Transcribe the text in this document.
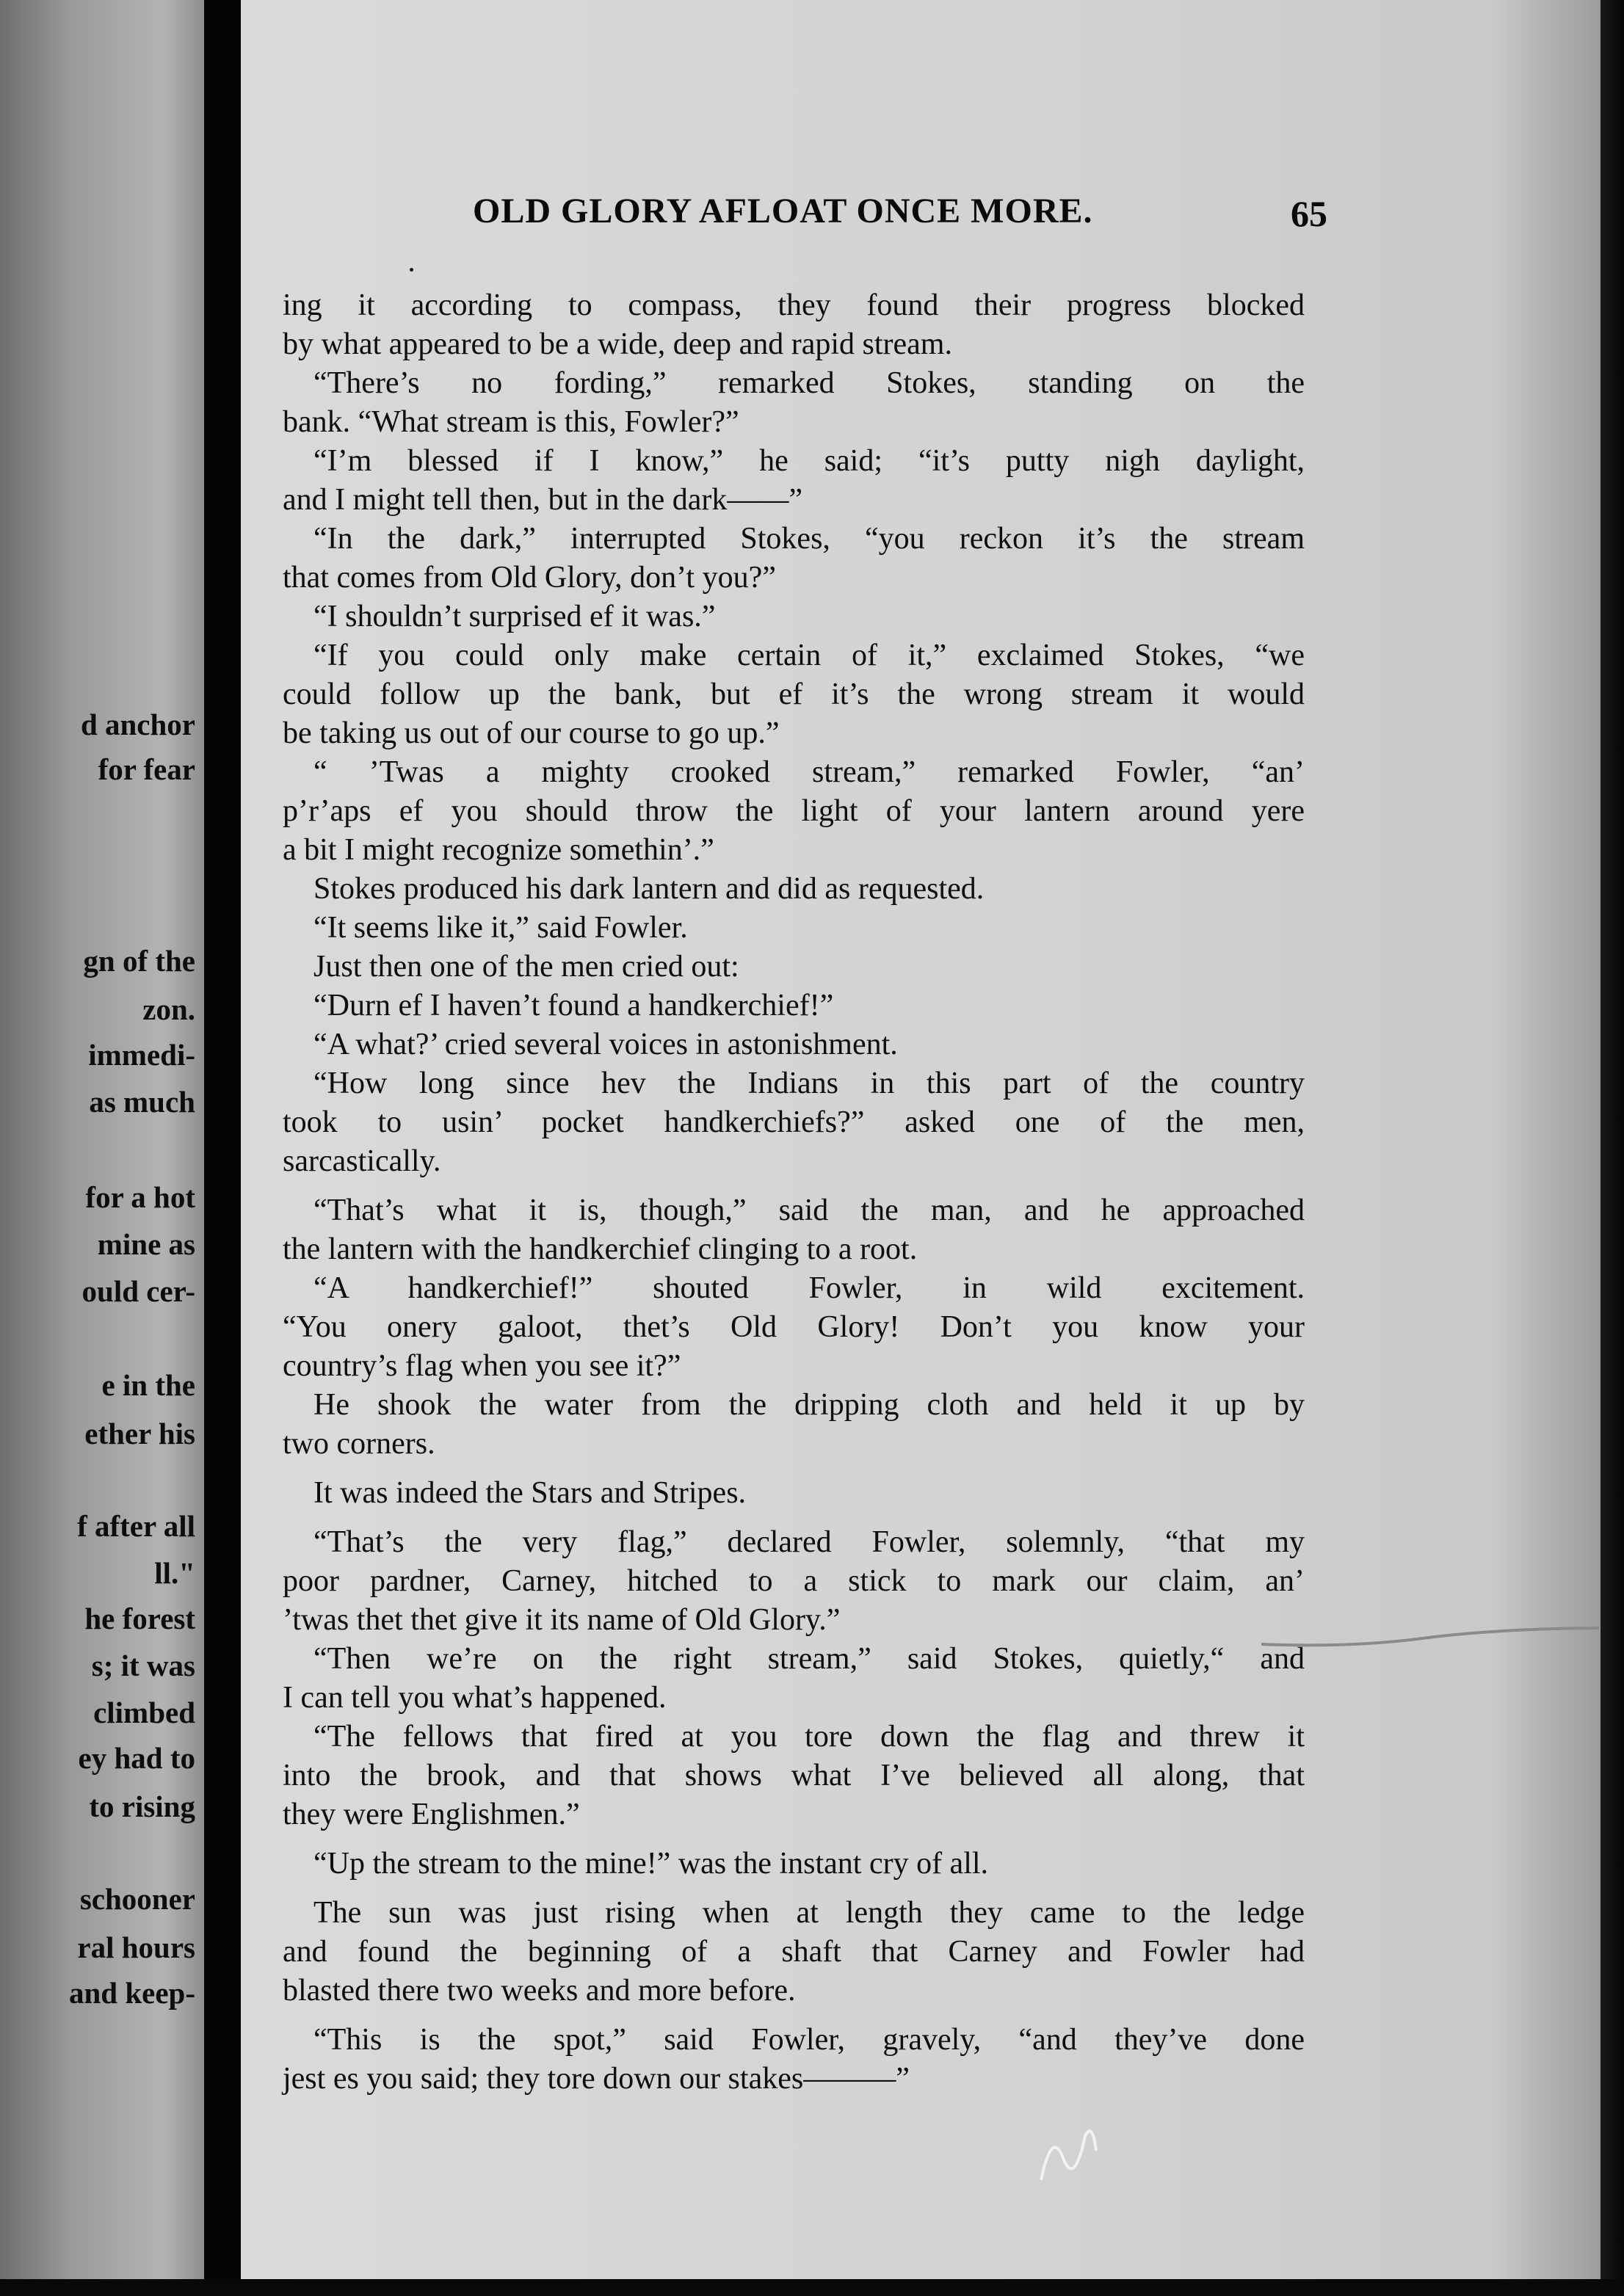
d anchor
for fear
gn of the
zon.
immedi-
as much
for a hot
mine as
ould cer-
e in the
ether his
f after all
ll."
he forest
s; it was
climbed
ey had to
to rising
schooner
ral hours
and keep-
OLD GLORY AFLOAT ONCE MORE.	65
ing it according to compass, they found their progress blocked
by what appeared to be a wide, deep and rapid stream.
“There’s no fording,” remarked Stokes, standing on the
bank. “What stream is this, Fowler?”
“I’m blessed if I know,” he said; “it’s putty nigh daylight,
and I might tell then, but in the dark——”
“In the dark,” interrupted Stokes, “you reckon it’s the stream
that comes from Old Glory, don’t you?”
“I shouldn’t surprised ef it was.”
“If you could only make certain of it,” exclaimed Stokes, “we
could follow up the bank, but ef it’s the wrong stream it would
be taking us out of our course to go up.”
“ ’Twas a mighty crooked stream,” remarked Fowler, “an’
p’r’aps ef you should throw the light of your lantern around yere
a bit I might recognize somethin’.”
Stokes produced his dark lantern and did as requested.
“It seems like it,” said Fowler.
Just then one of the men cried out:
“Durn ef I haven’t found a handkerchief!”
“A what?’ cried several voices in astonishment.
“How long since hev the Indians in this part of the country
took to usin’ pocket handkerchiefs?” asked one of the men,
sarcastically.
“That’s what it is, though,” said the man, and he approached
the lantern with the handkerchief clinging to a root.
“A handkerchief!” shouted Fowler, in wild excitement.
“You onery galoot, thet’s Old Glory! Don’t you know your
country’s flag when you see it?”
He shook the water from the dripping cloth and held it up by
two corners.
It was indeed the Stars and Stripes.
“That’s the very flag,” declared Fowler, solemnly, “that my
poor pardner, Carney, hitched to a stick to mark our claim, an’
’twas thet thet give it its name of Old Glory.”
“Then we’re on the right stream,” said Stokes, quietly,“ and
I can tell you what’s happened.
“The fellows that fired at you tore down the flag and threw it
into the brook, and that shows what I’ve believed all along, that
they were Englishmen.”
“Up the stream to the mine!” was the instant cry of all.
The sun was just rising when at length they came to the ledge
and found the beginning of a shaft that Carney and Fowler had
blasted there two weeks and more before.
“This is the spot,” said Fowler, gravely, “and they’ve done
jest es you said; they tore down our stakes———”
